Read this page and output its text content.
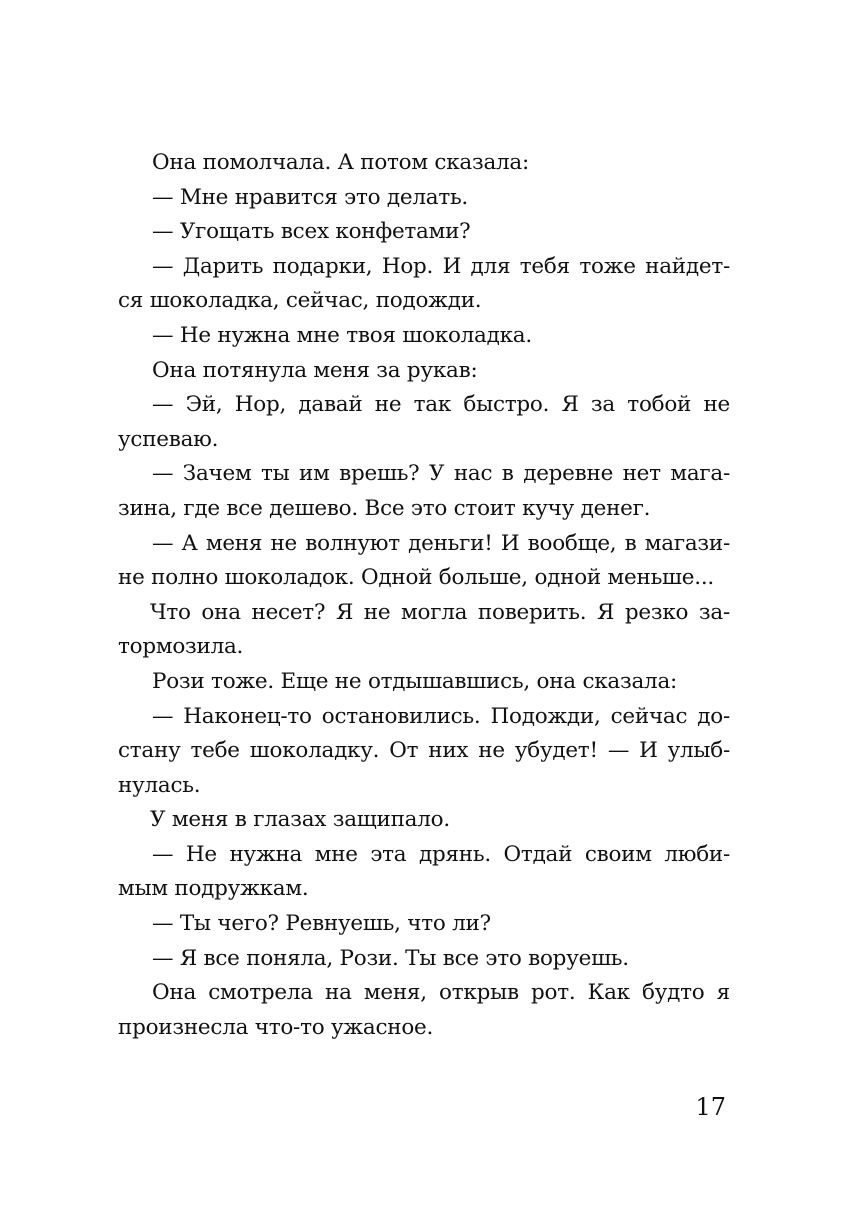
Она помолчала. А потом сказала:
— Мне нравится это делать.
— Угощать всех конфетами?
— Дарить подарки, Нор. И для тебя тоже найдет-
ся шоколадка, сейчас, подожди.
— Не нужна мне твоя шоколадка.
Она потянула меня за рукав:
— Эй, Нор, давай не так быстро. Я за тобой не
успеваю.
— Зачем ты им врешь? У нас в деревне нет мага-
зина, где все дешево. Все это стоит кучу денег.
— А меня не волнуют деньги! И вообще, в магази-
не полно шоколадок. Одной больше, одной меньше...
Что она несет? Я не могла поверить. Я резко за-
тормозила.
Рози тоже. Еще не отдышавшись, она сказала:
— Наконец-то остановились. Подожди, сейчас до-
стану тебе шоколадку. От них не убудет! — И улыб-
нулась.
У меня в глазах защипало.
— Не нужна мне эта дрянь. Отдай своим люби-
мым подружкам.
— Ты чего? Ревнуешь, что ли?
— Я все поняла, Рози. Ты все это воруешь.
Она смотрела на меня, открыв рот. Как будто я
произнесла что-то ужасное.
17
